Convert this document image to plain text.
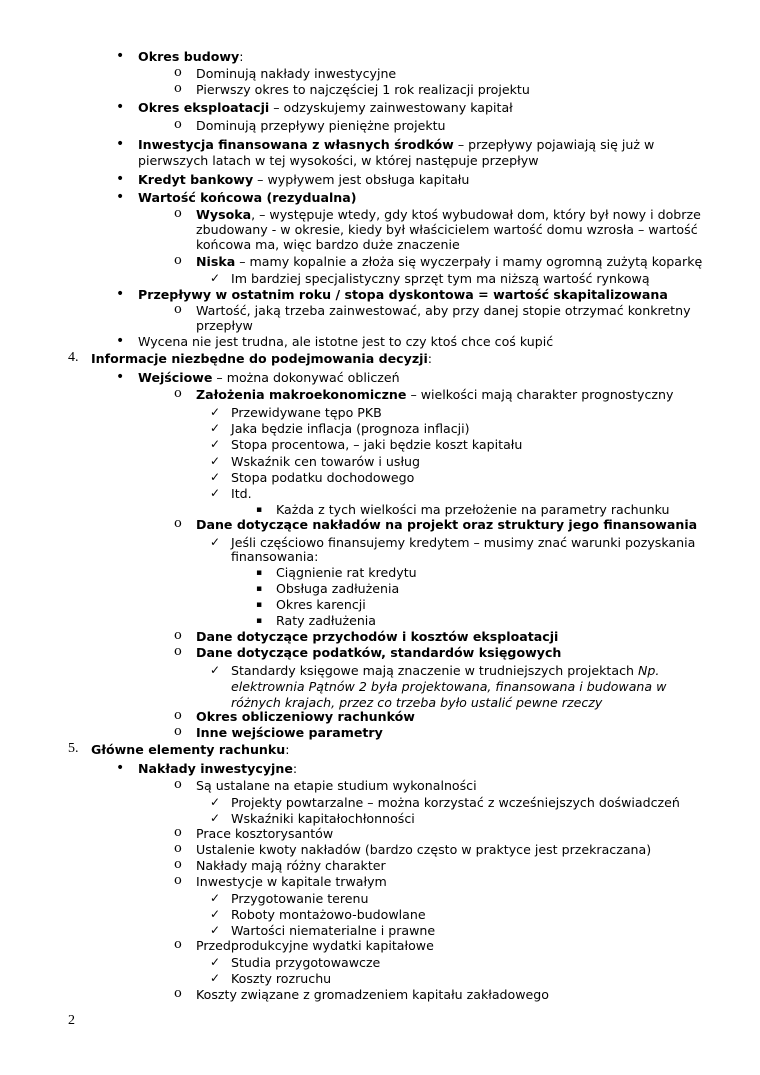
• Okres budowy:
o Dominują nakłady inwestycyjne
o Pierwszy okres to najczęściej 1 rok realizacji projektu
• Okres eksploatacji – odzyskujemy zainwestowany kapitał
o Dominują przepływy pieniężne projektu
• Inwestycja finansowana z własnych środków – przepływy pojawiają się już w
pierwszych latach w tej wysokości, w której następuje przepływ
• Kredyt bankowy – wypływem jest obsługa kapitału
• Wartość końcowa (rezydualna)
o Wysoka, – występuje wtedy, gdy ktoś wybudował dom, który był nowy i dobrze
zbudowany - w okresie, kiedy był właścicielem wartość domu wzrosła – wartość
końcowa ma, więc bardzo duże znaczenie
o Niska – mamy kopalnie a złoża się wyczerpały i mamy ogromną zużytą koparkę
✓ Im bardziej specjalistyczny sprzęt tym ma niższą wartość rynkową
• Przepływy w ostatnim roku / stopa dyskontowa = wartość skapitalizowana
o Wartość, jaką trzeba zainwestować, aby przy danej stopie otrzymać konkretny
przepływ
• Wycena nie jest trudna, ale istotne jest to czy ktoś chce coś kupić
4. Informacje niezbędne do podejmowania decyzji:
• Wejściowe – można dokonywać obliczeń
o Założenia makroekonomiczne – wielkości mają charakter prognostyczny
✓ Przewidywane tępo PKB
✓ Jaka będzie inflacja (prognoza inflacji)
✓ Stopa procentowa, – jaki będzie koszt kapitału
✓ Wskaźnik cen towarów i usług
✓ Stopa podatku dochodowego
✓ Itd.
▪ Każda z tych wielkości ma przełożenie na parametry rachunku
o Dane dotyczące nakładów na projekt oraz struktury jego finansowania
✓ Jeśli częściowo finansujemy kredytem – musimy znać warunki pozyskania
finansowania:
▪ Ciągnienie rat kredytu
▪ Obsługa zadłużenia
▪ Okres karencji
▪ Raty zadłużenia
o Dane dotyczące przychodów i kosztów eksploatacji
o Dane dotyczące podatków, standardów księgowych
✓ Standardy księgowe mają znaczenie w trudniejszych projektach Np.
elektrownia Pątnów 2 była projektowana, finansowana i budowana w
różnych krajach, przez co trzeba było ustalić pewne rzeczy
o Okres obliczeniowy rachunków
o Inne wejściowe parametry
5. Główne elementy rachunku:
• Nakłady inwestycyjne:
o Są ustalane na etapie studium wykonalności
✓ Projekty powtarzalne – można korzystać z wcześniejszych doświadczeń
✓ Wskaźniki kapitałochłonności
o Prace kosztorysantów
o Ustalenie kwoty nakładów (bardzo często w praktyce jest przekraczana)
o Nakłady mają różny charakter
o Inwestycje w kapitale trwałym
✓ Przygotowanie terenu
✓ Roboty montażowo-budowlane
✓ Wartości niematerialne i prawne
o Przedprodukcyjne wydatki kapitałowe
✓ Studia przygotowawcze
✓ Koszty rozruchu
o Koszty związane z gromadzeniem kapitału zakładowego
2
